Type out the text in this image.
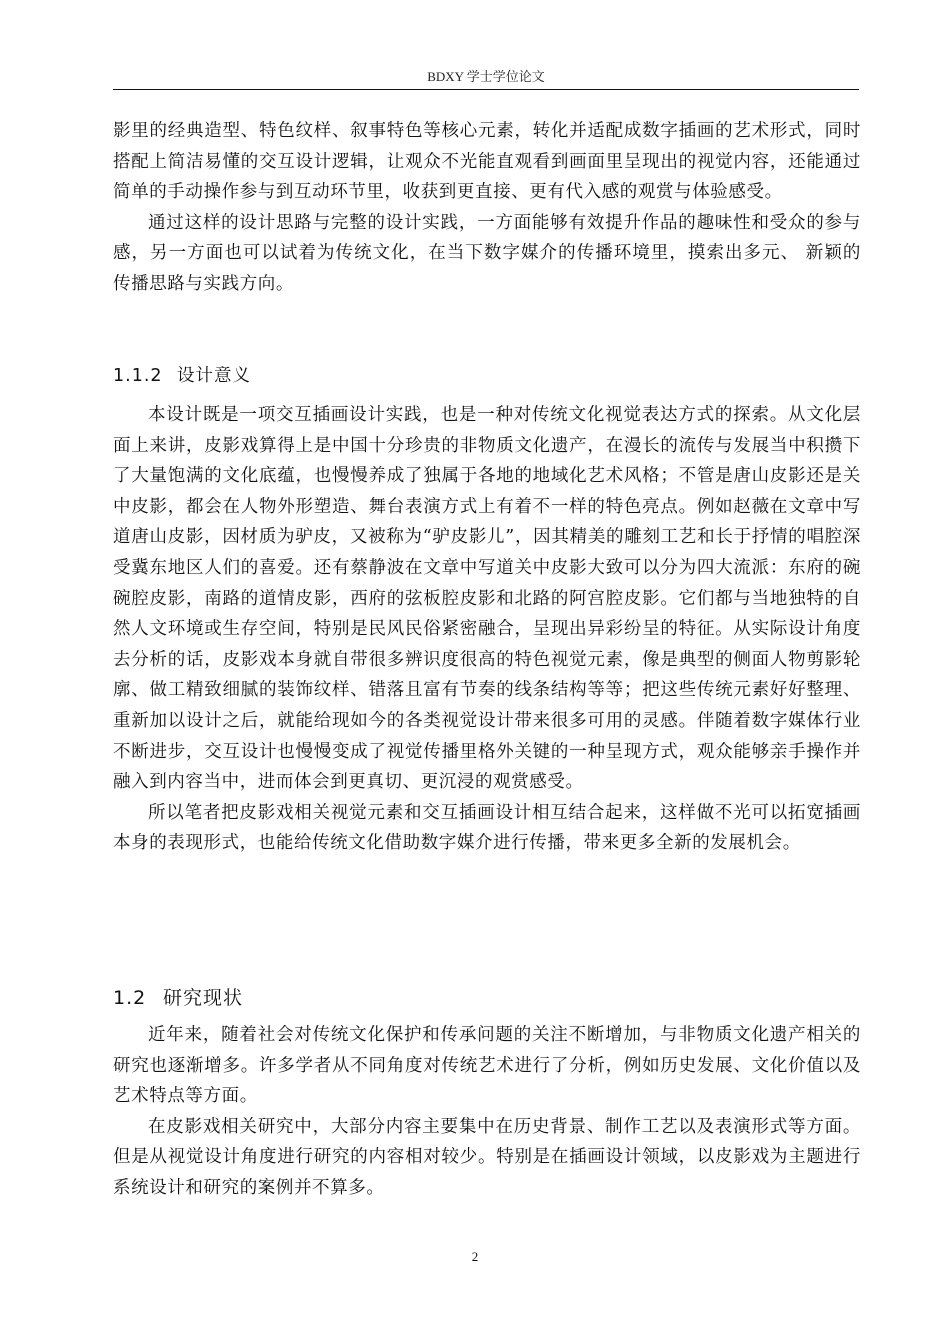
BDXY 学士学位论文

影里的经典造型、特色纹样、叙事特色等核心元素，转化并适配成数字插画的艺术形式，同时搭配上简洁易懂的交互设计逻辑，让观众不光能直观看到画面里呈现出的视觉内容，还能通过简单的手动操作参与到互动环节里，收获到更直接、更有代入感的观赏与体验感受。

通过这样的设计思路与完整的设计实践，一方面能够有效提升作品的趣味性和受众的参与感，另一方面也可以试着为传统文化，在当下数字媒介的传播环境里，摸索出多元、 新颖的传播思路与实践方向。

1.1.2 设计意义

本设计既是一项交互插画设计实践，也是一种对传统文化视觉表达方式的探索。从文化层面上来讲，皮影戏算得上是中国十分珍贵的非物质文化遗产，在漫长的流传与发展当中积攒下了大量饱满的文化底蕴，也慢慢养成了独属于各地的地域化艺术风格；不管是唐山皮影还是关中皮影，都会在人物外形塑造、舞台表演方式上有着不一样的特色亮点。例如赵薇在文章中写道唐山皮影，因材质为驴皮，又被称为“驴皮影儿”，因其精美的雕刻工艺和长于抒情的唱腔深受冀东地区人们的喜爱。还有蔡静波在文章中写道关中皮影大致可以分为四大流派：东府的碗碗腔皮影，南路的道情皮影，西府的弦板腔皮影和北路的阿宫腔皮影。它们都与当地独特的自然人文环境或生存空间，特别是民风民俗紧密融合，呈现出异彩纷呈的特征。从实际设计角度去分析的话，皮影戏本身就自带很多辨识度很高的特色视觉元素，像是典型的侧面人物剪影轮廓、做工精致细腻的装饰纹样、错落且富有节奏的线条结构等等；把这些传统元素好好整理、重新加以设计之后，就能给现如今的各类视觉设计带来很多可用的灵感。伴随着数字媒体行业不断进步，交互设计也慢慢变成了视觉传播里格外关键的一种呈现方式，观众能够亲手操作并融入到内容当中，进而体会到更真切、更沉浸的观赏感受。

所以笔者把皮影戏相关视觉元素和交互插画设计相互结合起来，这样做不光可以拓宽插画本身的表现形式，也能给传统文化借助数字媒介进行传播，带来更多全新的发展机会。

1.2 研究现状

近年来，随着社会对传统文化保护和传承问题的关注不断增加，与非物质文化遗产相关的研究也逐渐增多。许多学者从不同角度对传统艺术进行了分析，例如历史发展、文化价值以及艺术特点等方面。

在皮影戏相关研究中，大部分内容主要集中在历史背景、制作工艺以及表演形式等方面。但是从视觉设计角度进行研究的内容相对较少。特别是在插画设计领域，以皮影戏为主题进行系统设计和研究的案例并不算多。

2
